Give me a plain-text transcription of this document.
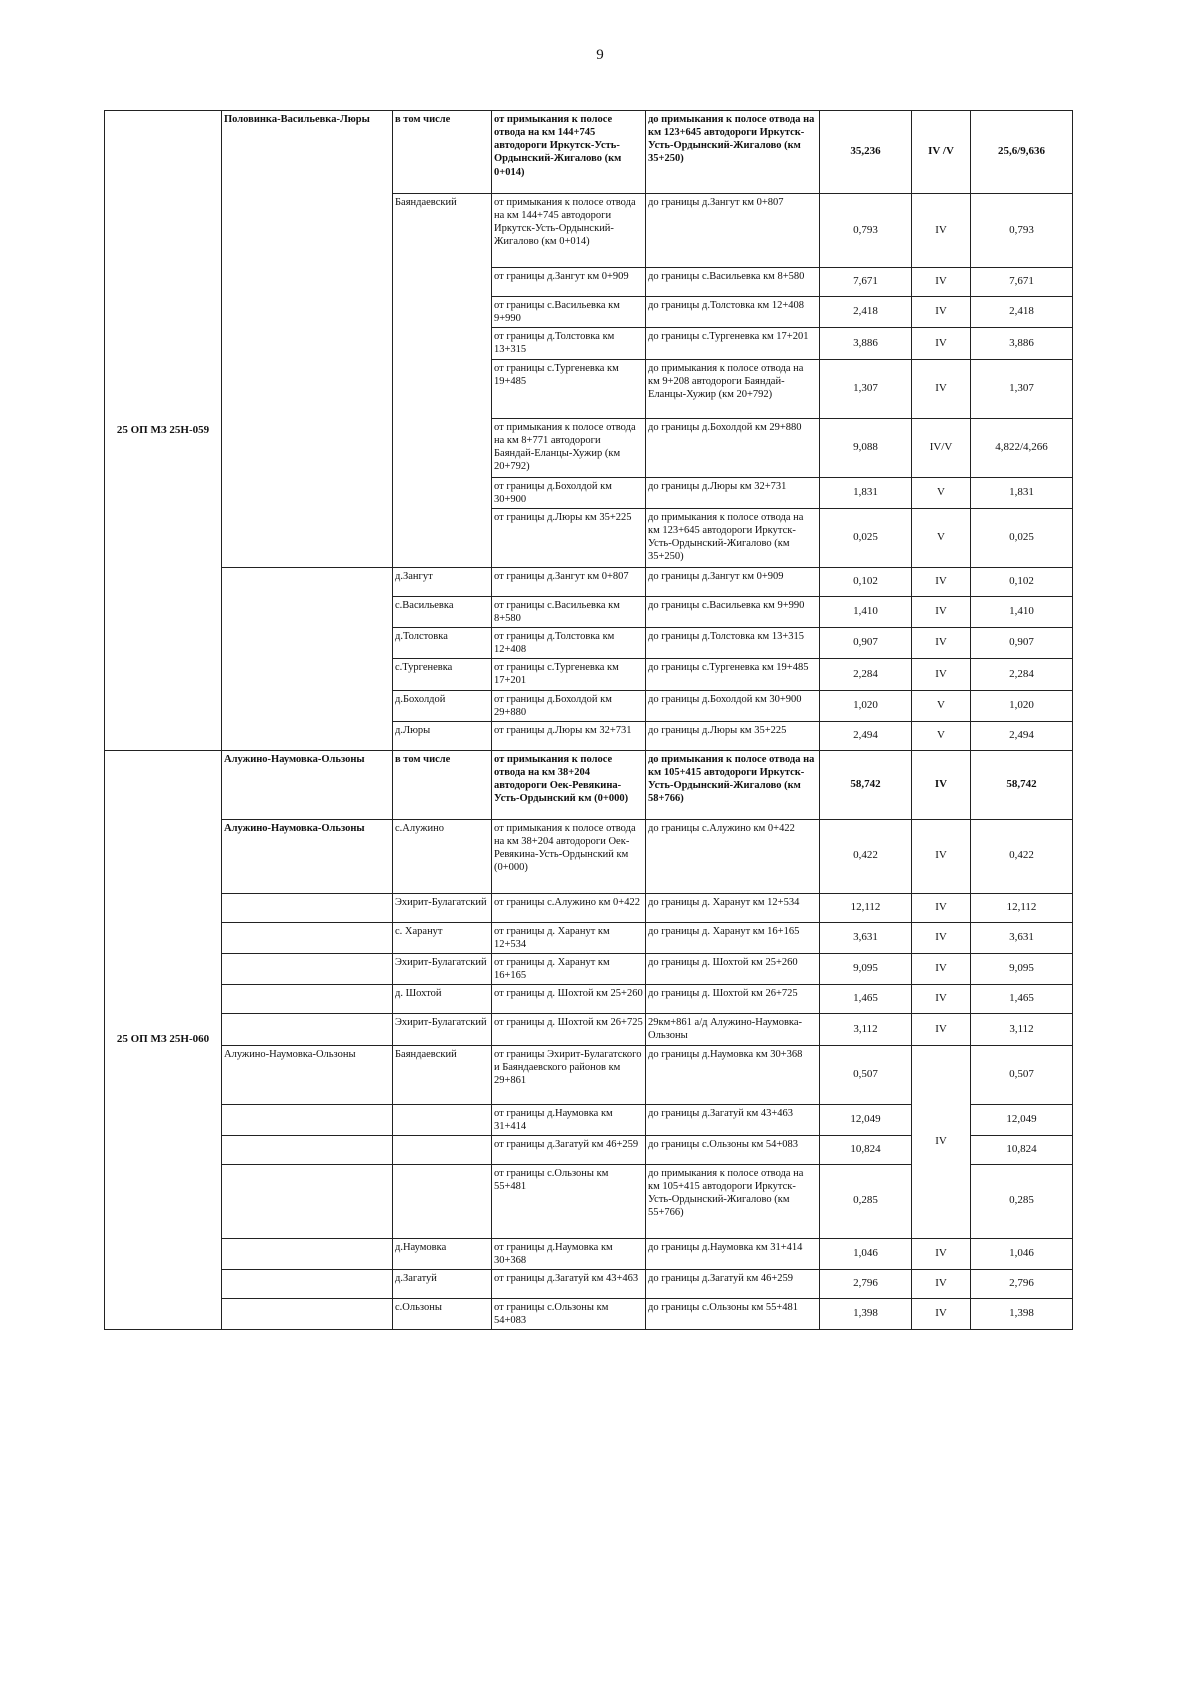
9
25 ОП МЗ 25Н-059	Половинка-Васильевка-Люры	в том числе	от примыкания к полосе отвода на км 144+745 автодороги Иркутск-Усть-Ордынский-Жигалово (км 0+014)	до примыкания к полосе отвода на км 123+645 автодороги Иркутск-Усть-Ордынский-Жигалово (км 35+250)	35,236	IV /V	25,6/9,636
		Баяндаевский	от примыкания к полосе отвода на км 144+745 автодороги Иркутск-Усть-Ордынский-Жигалово (км 0+014)	до границы д.Зангут км 0+807	0,793	IV	0,793
			от границы д.Зангут км 0+909	до границы с.Васильевка км 8+580	7,671	IV	7,671
			от границы с.Васильевка км 9+990	до границы д.Толстовка км 12+408	2,418	IV	2,418
			от границы д.Толстовка км 13+315	до границы с.Тургеневка км 17+201	3,886	IV	3,886
			от границы с.Тургеневка км 19+485	до примыкания к полосе отвода на км 9+208 автодороги Баяндай-Еланцы-Хужир (км 20+792)	1,307	IV	1,307
			от примыкания к полосе отвода на км 8+771 автодороги Баяндай-Еланцы-Хужир (км 20+792)	до границы д.Бохолдой км 29+880	9,088	IV/V	4,822/4,266
			от границы д.Бохолдой км 30+900	до границы д.Люры км 32+731	1,831	V	1,831
			от границы д.Люры км 35+225	до примыкания к полосе отвода на км 123+645 автодороги Иркутск-Усть-Ордынский-Жигалово (км 35+250)	0,025	V	0,025
		д.Зангут	от границы д.Зангут км 0+807	до границы д.Зангут км 0+909	0,102	IV	0,102
		с.Васильевка	от границы с.Васильевка км 8+580	до границы с.Васильевка км 9+990	1,410	IV	1,410
		д.Толстовка	от границы д.Толстовка км 12+408	до границы д.Толстовка км 13+315	0,907	IV	0,907
		с.Тургеневка	от границы с.Тургеневка км 17+201	до границы с.Тургеневка км 19+485	2,284	IV	2,284
		д.Бохолдой	от границы д.Бохолдой км 29+880	до границы д.Бохолдой км 30+900	1,020	V	1,020
		д.Люры	от границы д.Люры км 32+731	до границы д.Люры км 35+225	2,494	V	2,494
25 ОП МЗ 25Н-060	Алужино-Наумовка-Ользоны	в том числе	от примыкания к полосе отвода на км 38+204 автодороги Оек-Ревякина-Усть-Ордынский км (0+000)	до примыкания к полосе отвода на км 105+415 автодороги Иркутск-Усть-Ордынский-Жигалово (км 58+766)	58,742	IV	58,742
	Алужино-Наумовка-Ользоны	с.Алужино	от примыкания к полосе отвода на км 38+204 автодороги Оек-Ревякина-Усть-Ордынский км (0+000)	до границы с.Алужино км 0+422	0,422	IV	0,422
		Эхирит-Булагатский	от границы с.Алужино км 0+422	до границы д. Харанут км 12+534	12,112	IV	12,112
		с. Харанут	от границы д. Харанут км 12+534	до границы д. Харанут км 16+165	3,631	IV	3,631
		Эхирит-Булагатский	от границы д. Харанут км 16+165	до границы д. Шохтой км 25+260	9,095	IV	9,095
		д. Шохтой	от границы д. Шохтой км 25+260	до границы д. Шохтой км 26+725	1,465	IV	1,465
		Эхирит-Булагатский	от границы д. Шохтой км 26+725	29км+861 а/д Алужино-Наумовка-Ользоны	3,112	IV	3,112
	Алужино-Наумовка-Ользоны	Баяндаевский	от границы Эхирит-Булагатского и Баяндаевского районов км 29+861	до границы д.Наумовка км 30+368	0,507	IV	0,507
			от границы д.Наумовка км 31+414	до границы д.Загатуй км 43+463	12,049		12,049
			от границы д.Загатуй км 46+259	до границы с.Ользоны км 54+083	10,824		10,824
			от границы с.Ользоны км 55+481	до примыкания к полосе отвода на км 105+415 автодороги Иркутск-Усть-Ордынский-Жигалово (км 55+766)	0,285		0,285
		д.Наумовка	от границы д.Наумовка км 30+368	до границы д.Наумовка км 31+414	1,046	IV	1,046
		д.Загатуй	от границы д.Загатуй км 43+463	до границы д.Загатуй км 46+259	2,796	IV	2,796
		с.Ользоны	от границы с.Ользоны км 54+083	до границы с.Ользоны км 55+481	1,398	IV	1,398
